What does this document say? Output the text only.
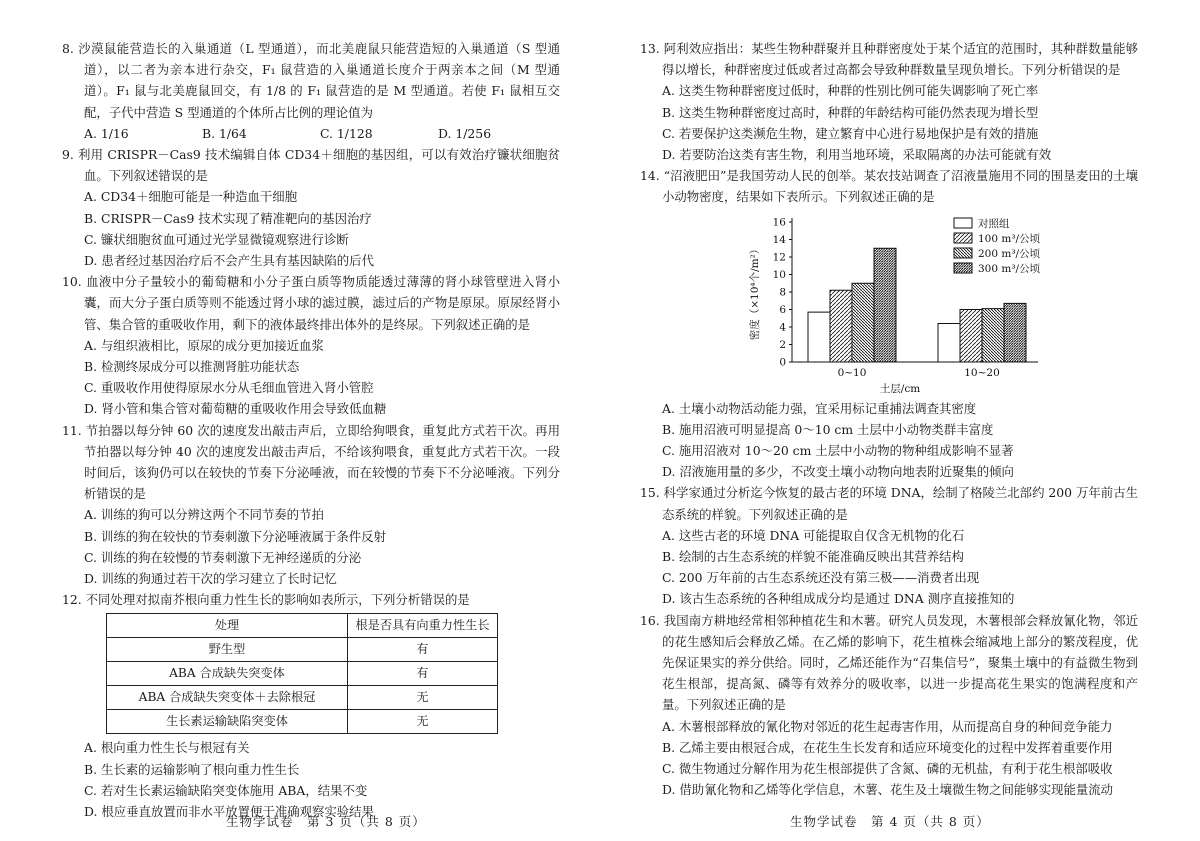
8. 沙漠鼠能营造长的入巢通道（L 型通道），而北美鹿鼠只能营造短的入巢通道（S 型通道），以二者为亲本进行杂交，F₁ 鼠营造的入巢通道长度介于两亲本之间（M 型通道）。F₁ 鼠与北美鹿鼠回交，有 1/8 的 F₁ 鼠营造的是 M 型通道。若使 F₁ 鼠相互交配，子代中营造 S 型通道的个体所占比例的理论值为

A. 1/16	B. 1/64	C. 1/128	D. 1/256

9. 利用 CRISPR－Cas9 技术编辑自体 CD34＋细胞的基因组，可以有效治疗镰状细胞贫血。下列叙述错误的是

A. CD34＋细胞可能是一种造血干细胞

B. CRISPR－Cas9 技术实现了精准靶向的基因治疗

C. 镰状细胞贫血可通过光学显微镜观察进行诊断

D. 患者经过基因治疗后不会产生具有基因缺陷的后代

10. 血液中分子量较小的葡萄糖和小分子蛋白质等物质能透过薄薄的肾小球管壁进入肾小囊，而大分子蛋白质等则不能透过肾小球的滤过膜，滤过后的产物是原尿。原尿经肾小管、集合管的重吸收作用，剩下的液体最终排出体外的是终尿。下列叙述正确的是

A. 与组织液相比，原尿的成分更加接近血浆

B. 检测终尿成分可以推测肾脏功能状态

C. 重吸收作用使得原尿水分从毛细血管进入肾小管腔

D. 肾小管和集合管对葡萄糖的重吸收作用会导致低血糖

11. 节拍器以每分钟 60 次的速度发出敲击声后，立即给狗喂食，重复此方式若干次。再用节拍器以每分钟 40 次的速度发出敲击声后，不给该狗喂食，重复此方式若干次。一段时间后，该狗仍可以在较快的节奏下分泌唾液，而在较慢的节奏下不分泌唾液。下列分析错误的是

A. 训练的狗可以分辨这两个不同节奏的节拍

B. 训练的狗在较快的节奏刺激下分泌唾液属于条件反射

C. 训练的狗在较慢的节奏刺激下无神经递质的分泌

D. 训练的狗通过若干次的学习建立了长时记忆

12. 不同处理对拟南芥根向重力性生长的影响如表所示，下列分析错误的是

处理	根是否具有向重力性生长
野生型	有
ABA 合成缺失突变体	有
ABA 合成缺失突变体＋去除根冠	无
生长素运输缺陷突变体	无

A. 根向重力性生长与根冠有关

B. 生长素的运输影响了根向重力性生长

C. 若对生长素运输缺陷突变体施用 ABA，结果不变

D. 根应垂直放置而非水平放置便于准确观察实验结果

生物学试卷　第 3 页（共 8 页）

13. 阿利效应指出：某些生物种群聚并且种群密度处于某个适宜的范围时，其种群数量能够得以增长，种群密度过低或者过高都会导致种群数量呈现负增长。下列分析错误的是

A. 这类生物种群密度过低时，种群的性别比例可能失调影响了死亡率

B. 这类生物种群密度过高时，种群的年龄结构可能仍然表现为增长型

C. 若要保护这类濒危生物，建立繁育中心进行易地保护是有效的措施

D. 若要防治这类有害生物，利用当地环境，采取隔离的办法可能就有效

14. “沼液肥田”是我国劳动人民的创举。某农技站调查了沼液量施用不同的围垦麦田的土壤小动物密度，结果如下表所示。下列叙述正确的是

0
2
4
6
8
10
12
14
16
密度（×10⁴个/m²）
0~10	10~20
土层/cm
对照组
100 m³/公顷
200 m³/公顷
300 m³/公顷

A. 土壤小动物活动能力强，宜采用标记重捕法调查其密度

B. 施用沼液可明显提高 0～10 cm 土层中小动物类群丰富度

C. 施用沼液对 10～20 cm 土层中小动物的物种组成影响不显著

D. 沼液施用量的多少，不改变土壤小动物向地表附近聚集的倾向

15. 科学家通过分析迄今恢复的最古老的环境 DNA，绘制了格陵兰北部约 200 万年前古生态系统的样貌。下列叙述正确的是

A. 这些古老的环境 DNA 可能提取自仅含无机物的化石

B. 绘制的古生态系统的样貌不能准确反映出其营养结构

C. 200 万年前的古生态系统还没有第三极——消费者出现

D. 该古生态系统的各种组成成分均是通过 DNA 测序直接推知的

16. 我国南方耕地经常相邻种植花生和木薯。研究人员发现，木薯根部会释放氰化物，邻近的花生感知后会释放乙烯。在乙烯的影响下，花生植株会缩减地上部分的繁茂程度，优先保证果实的养分供给。同时，乙烯还能作为“召集信号”，聚集土壤中的有益微生物到花生根部，提高氮、磷等有效养分的吸收率，以进一步提高花生果实的饱满程度和产量。下列叙述正确的是

A. 木薯根部释放的氰化物对邻近的花生起毒害作用，从而提高自身的种间竞争能力

B. 乙烯主要由根冠合成，在花生生长发育和适应环境变化的过程中发挥着重要作用

C. 微生物通过分解作用为花生根部提供了含氮、磷的无机盐，有利于花生根部吸收

D. 借助氰化物和乙烯等化学信息，木薯、花生及土壤微生物之间能够实现能量流动

生物学试卷　第 4 页（共 8 页）
